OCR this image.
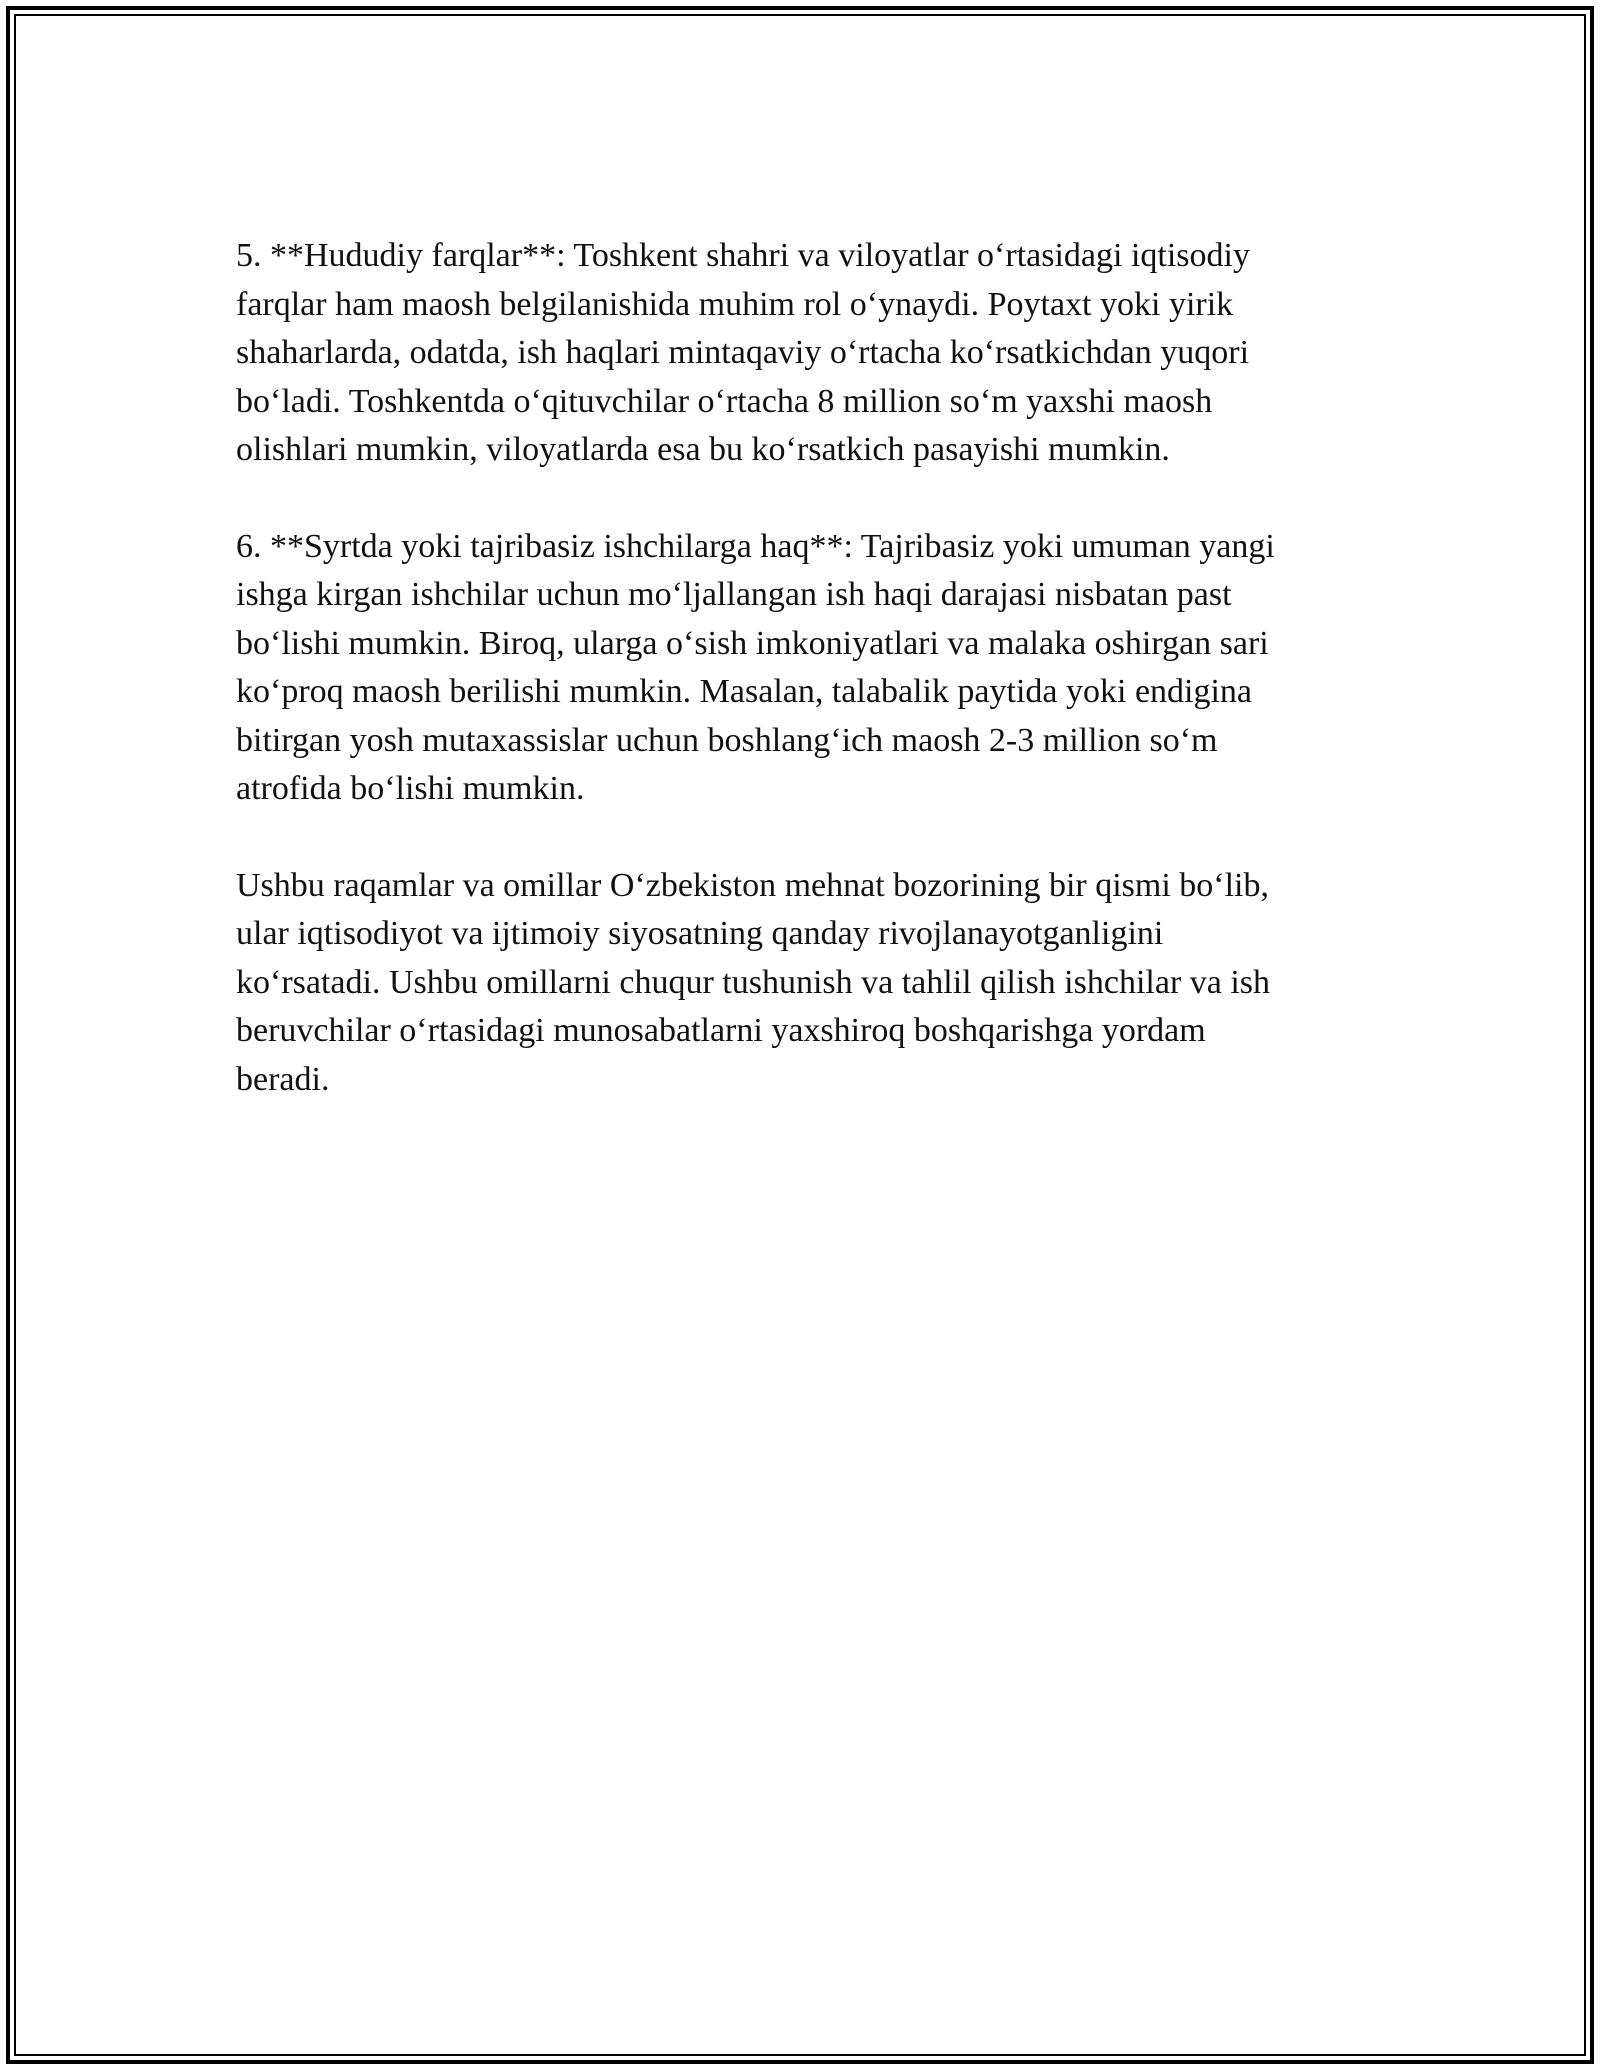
5. **Hududiy farqlar**: Toshkent shahri va viloyatlar o‘rtasidagi iqtisodiy
farqlar ham maosh belgilanishida muhim rol o‘ynaydi. Poytaxt yoki yirik
shaharlarda, odatda, ish haqlari mintaqaviy o‘rtacha ko‘rsatkichdan yuqori
bo‘ladi. Toshkentda o‘qituvchilar o‘rtacha 8 million so‘m yaxshi maosh
olishlari mumkin, viloyatlarda esa bu ko‘rsatkich pasayishi mumkin.

6. **Syrtda yoki tajribasiz ishchilarga haq**: Tajribasiz yoki umuman yangi
ishga kirgan ishchilar uchun mo‘ljallangan ish haqi darajasi nisbatan past
bo‘lishi mumkin. Biroq, ularga o‘sish imkoniyatlari va malaka oshirgan sari
ko‘proq maosh berilishi mumkin. Masalan, talabalik paytida yoki endigina
bitirgan yosh mutaxassislar uchun boshlang‘ich maosh 2-3 million so‘m
atrofida bo‘lishi mumkin.

Ushbu raqamlar va omillar O‘zbekiston mehnat bozorining bir qismi bo‘lib,
ular iqtisodiyot va ijtimoiy siyosatning qanday rivojlanayotganligini
ko‘rsatadi. Ushbu omillarni chuqur tushunish va tahlil qilish ishchilar va ish
beruvchilar o‘rtasidagi munosabatlarni yaxshiroq boshqarishga yordam
beradi.
